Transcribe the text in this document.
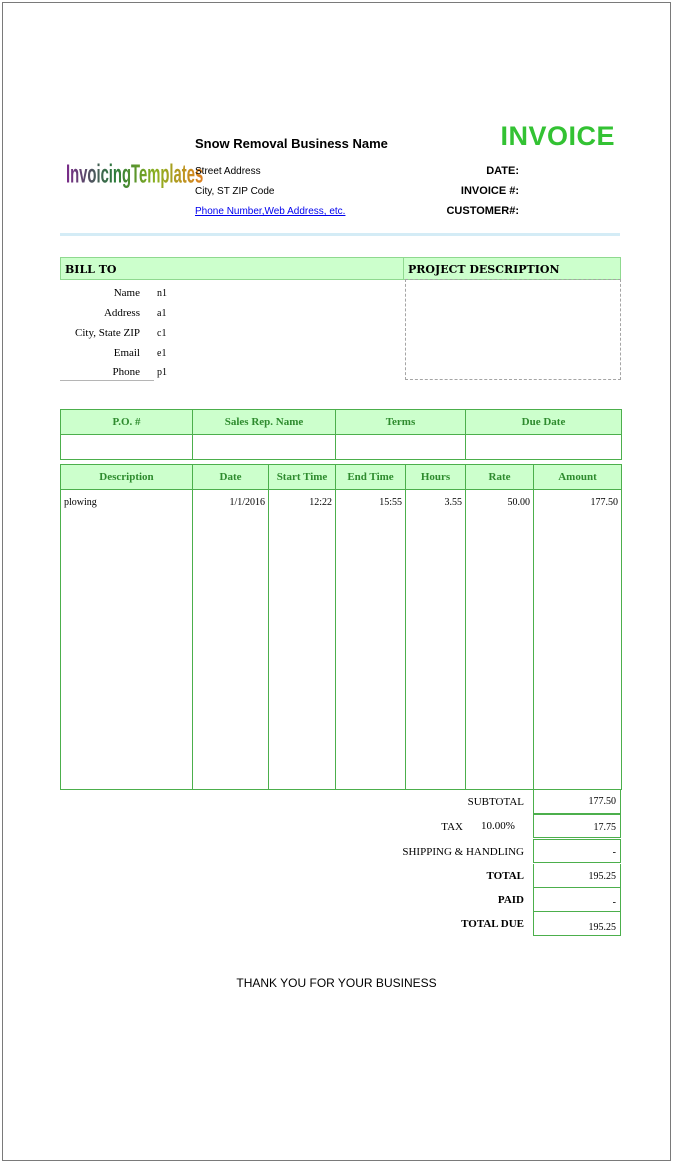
InvoicingTemplates
Snow Removal Business Name
Street Address
City, ST ZIP Code
Phone Number,Web Address, etc.
INVOICE
DATE:
INVOICE #:
CUSTOMER#:
BILL TO	PROJECT DESCRIPTION
Name n1
Address a1
City, State ZIP c1
Email e1
Phone p1
P.O. #	Sales Rep. Name	Terms	Due Date

Description	Date	Start Time	End Time	Hours	Rate	Amount
plowing	1/1/2016	12:22	15:55	3.55	50.00	177.50
SUBTOTAL	177.50
TAX 10.00%	17.75
SHIPPING & HANDLING	-
TOTAL	195.25
PAID	-
TOTAL DUE	195.25
THANK YOU FOR YOUR BUSINESS
